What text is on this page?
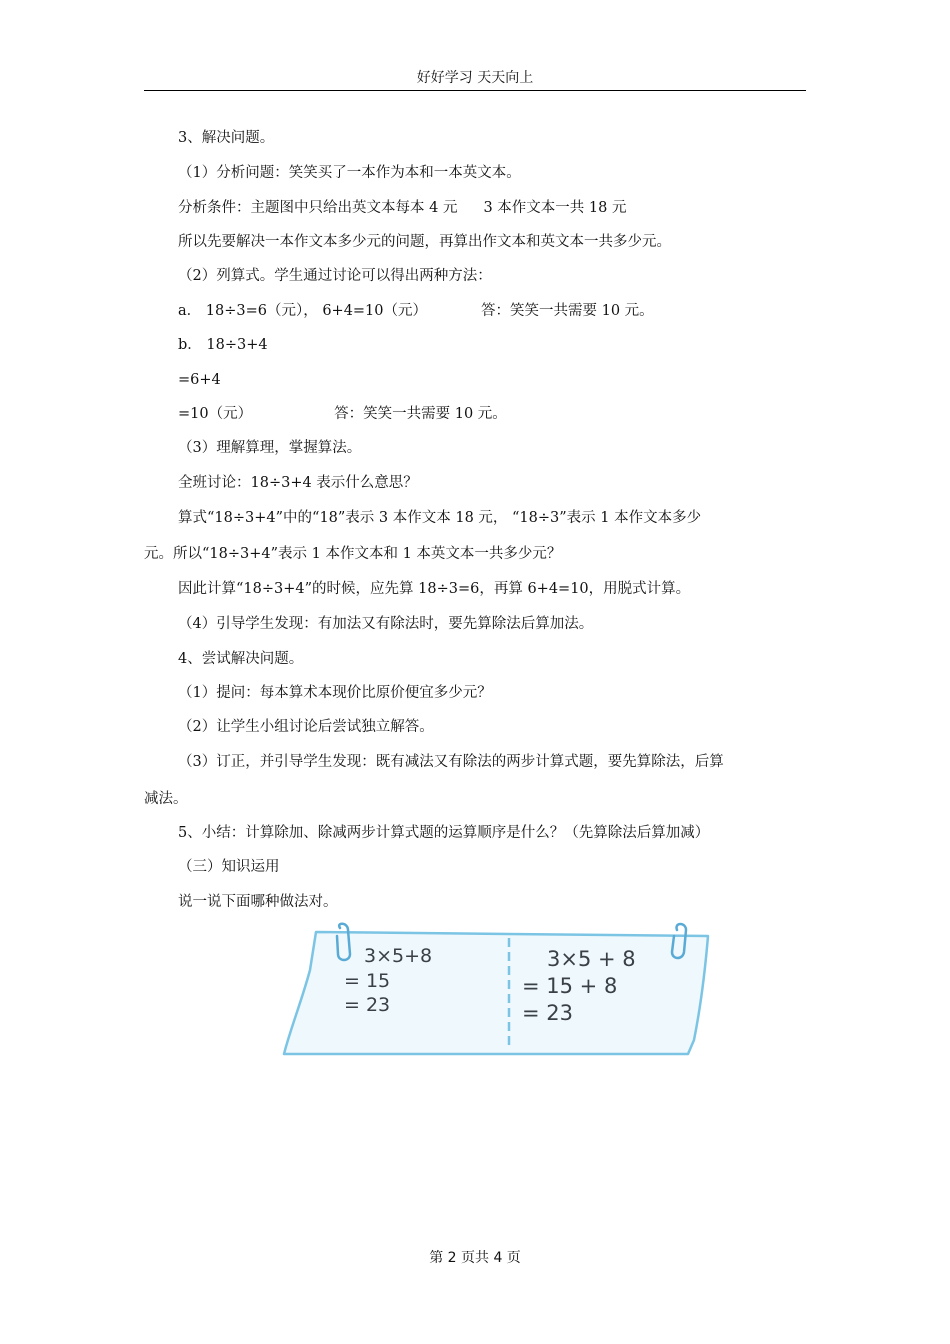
好好学习 天天向上
3、解决问题。
（1）分析问题：笑笑买了一本作为本和一本英文本。
分析条件：主题图中只给出英文本每本 4 元 3 本作文本一共 18 元
所以先要解决一本作文本多少元的问题，再算出作文本和英文本一共多少元。
（2）列算式。学生通过讨论可以得出两种方法：
a． 18÷3=6（元）， 6+4=10（元）	答：笑笑一共需要 10 元。
b． 18÷3+4
=6+4
=10（元）	答：笑笑一共需要 10 元。
（3）理解算理，掌握算法。
全班讨论：18÷3+4 表示什么意思？
算式“18÷3+4”中的“18”表示 3 本作文本 18 元， “18÷3”表示 1 本作文本多少
元。所以“18÷3+4”表示 1 本作文本和 1 本英文本一共多少元？
因此计算“18÷3+4”的时候，应先算 18÷3=6，再算 6+4=10，用脱式计算。
（4）引导学生发现：有加法又有除法时，要先算除法后算加法。
4、尝试解决问题。
（1）提问：每本算术本现价比原价便宜多少元？
（2）让学生小组讨论后尝试独立解答。
（3）订正，并引导学生发现：既有减法又有除法的两步计算式题，要先算除法，后算
减法。
5、小结：计算除加、除减两步计算式题的运算顺序是什么？（先算除法后算加减）
（三）知识运用
说一说下面哪种做法对。
3×5+8
= 15
= 23
3×5 + 8
= 15 + 8
= 23
第 2 页共 4 页
